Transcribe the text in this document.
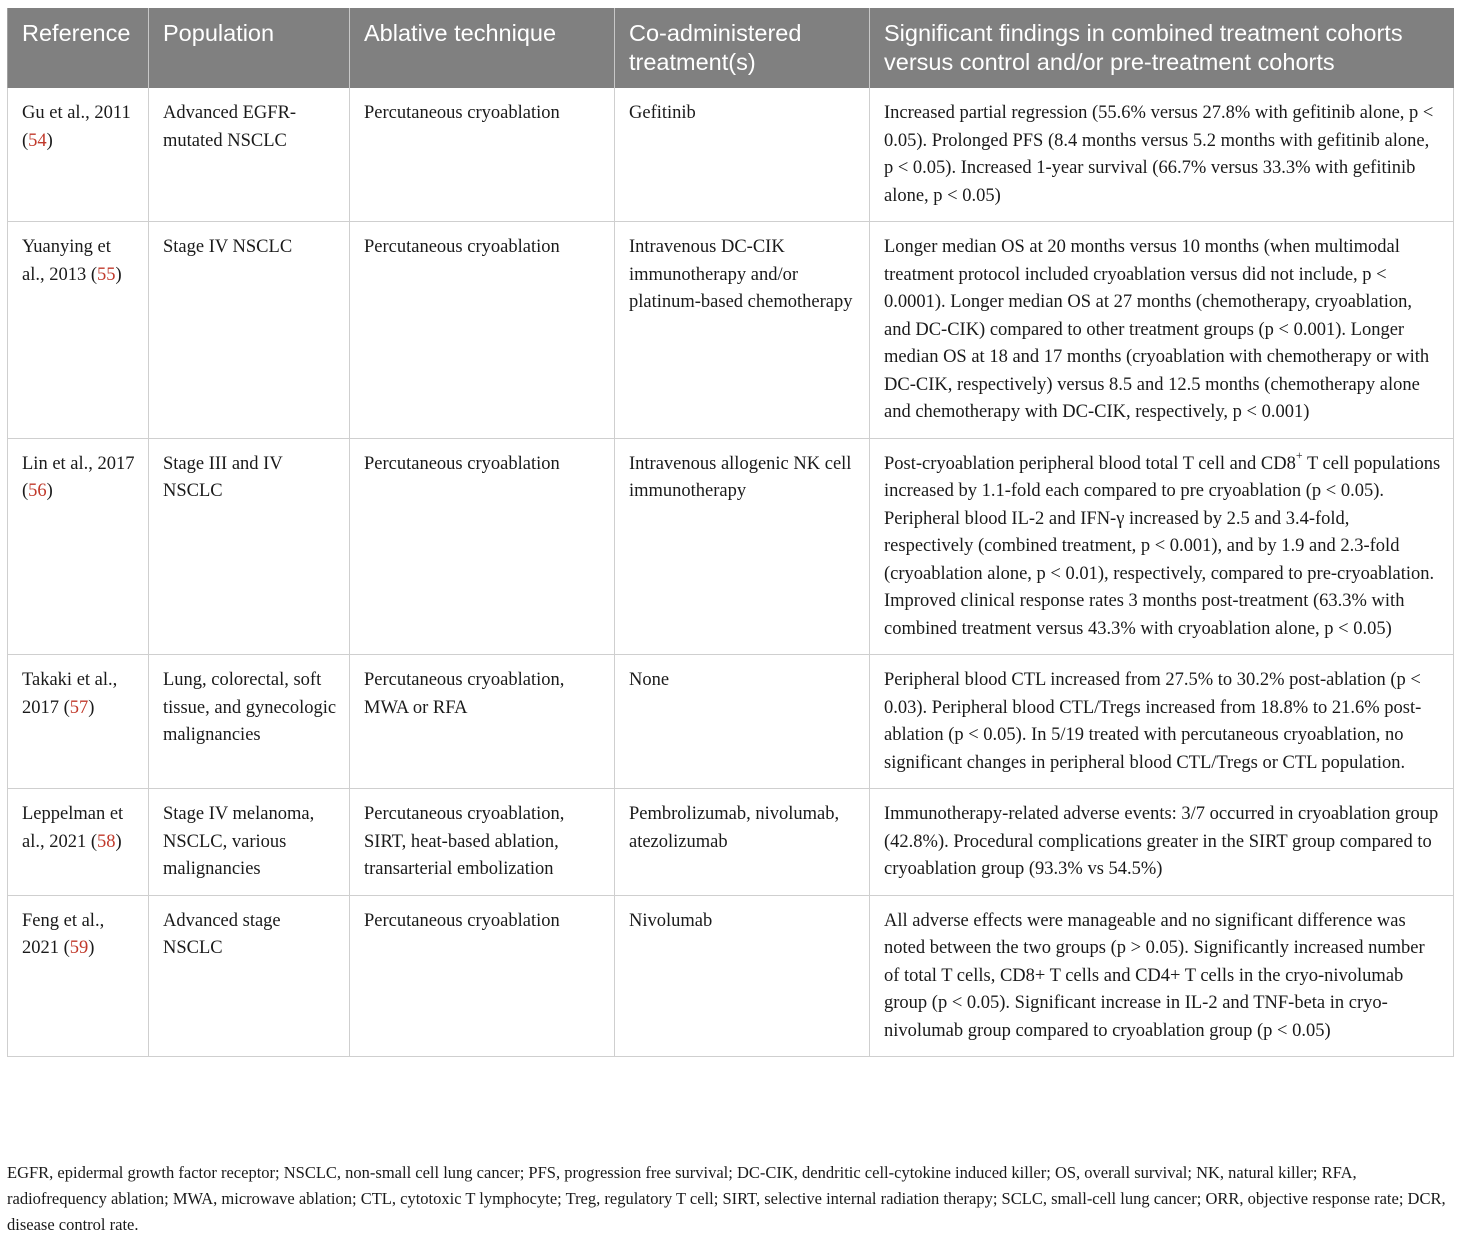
Reference	Population	Ablative technique	Co-administered treatment(s)	Significant findings in combined treatment cohorts versus control and/or pre-treatment cohorts
Gu et al., 2011 (54)	Advanced EGFR-mutated NSCLC	Percutaneous cryoablation	Gefitinib	Increased partial regression (55.6% versus 27.8% with gefitinib alone, p < 0.05). Prolonged PFS (8.4 months versus 5.2 months with gefitinib alone, p < 0.05). Increased 1-year survival (66.7% versus 33.3% with gefitinib alone, p < 0.05)
Yuanying et al., 2013 (55)	Stage IV NSCLC	Percutaneous cryoablation	Intravenous DC-CIK immunotherapy and/or platinum-based chemotherapy	Longer median OS at 20 months versus 10 months (when multimodal treatment protocol included cryoablation versus did not include, p < 0.0001). Longer median OS at 27 months (chemotherapy, cryoablation, and DC-CIK) compared to other treatment groups (p < 0.001). Longer median OS at 18 and 17 months (cryoablation with chemotherapy or with DC-CIK, respectively) versus 8.5 and 12.5 months (chemotherapy alone and chemotherapy with DC-CIK, respectively, p < 0.001)
Lin et al., 2017 (56)	Stage III and IV NSCLC	Percutaneous cryoablation	Intravenous allogenic NK cell immunotherapy	Post-cryoablation peripheral blood total T cell and CD8+ T cell populations increased by 1.1-fold each compared to pre cryoablation (p < 0.05). Peripheral blood IL-2 and IFN-γ increased by 2.5 and 3.4-fold, respectively (combined treatment, p < 0.001), and by 1.9 and 2.3-fold (cryoablation alone, p < 0.01), respectively, compared to pre-cryoablation. Improved clinical response rates 3 months post-treatment (63.3% with combined treatment versus 43.3% with cryoablation alone, p < 0.05)
Takaki et al., 2017 (57)	Lung, colorectal, soft tissue, and gynecologic malignancies	Percutaneous cryoablation, MWA or RFA	None	Peripheral blood CTL increased from 27.5% to 30.2% post-ablation (p < 0.03). Peripheral blood CTL/Tregs increased from 18.8% to 21.6% post-ablation (p < 0.05). In 5/19 treated with percutaneous cryoablation, no significant changes in peripheral blood CTL/Tregs or CTL population.
Leppelman et al., 2021 (58)	Stage IV melanoma, NSCLC, various malignancies	Percutaneous cryoablation, SIRT, heat-based ablation, transarterial embolization	Pembrolizumab, nivolumab, atezolizumab	Immunotherapy-related adverse events: 3/7 occurred in cryoablation group (42.8%). Procedural complications greater in the SIRT group compared to cryoablation group (93.3% vs 54.5%)
Feng et al., 2021 (59)	Advanced stage NSCLC	Percutaneous cryoablation	Nivolumab	All adverse effects were manageable and no significant difference was noted between the two groups (p > 0.05). Significantly increased number of total T cells, CD8+ T cells and CD4+ T cells in the cryo-nivolumab group (p < 0.05). Significant increase in IL-2 and TNF-beta in cryo-nivolumab group compared to cryoablation group (p < 0.05)
EGFR, epidermal growth factor receptor; NSCLC, non-small cell lung cancer; PFS, progression free survival; DC-CIK, dendritic cell-cytokine induced killer; OS, overall survival; NK, natural killer; RFA, radiofrequency ablation; MWA, microwave ablation; CTL, cytotoxic T lymphocyte; Treg, regulatory T cell; SIRT, selective internal radiation therapy; SCLC, small-cell lung cancer; ORR, objective response rate; DCR, disease control rate.
